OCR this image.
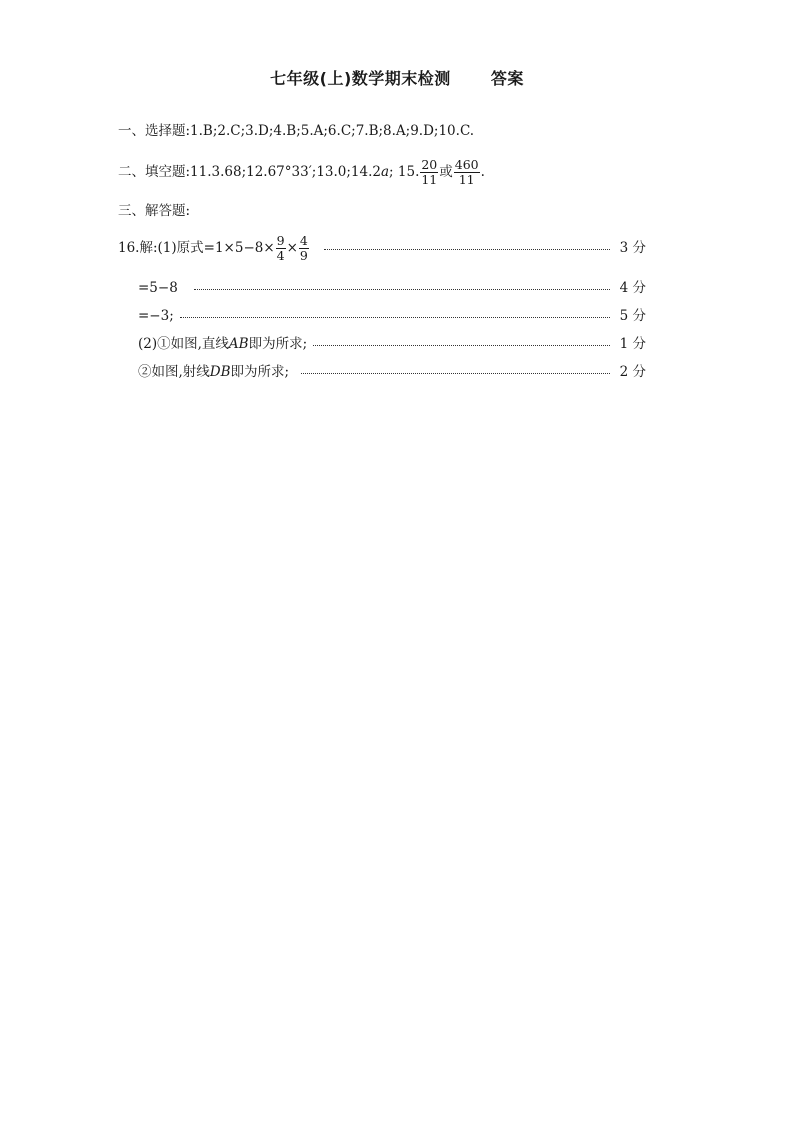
七年级(上)数学期末检测	答案
一、选择题:1.B;2.C;3.D;4.B;5.A;6.C;7.B;8.A;9.D;10.C.
二、填空题:11.3.68;12.67°33′;13.0;14.2 a ; 15. $\frac{20}{11}$ 或 $\frac{460}{11}$ .
三、解答题:
16.解:(1)原式$=1\times 5-8\times \frac{9}{4} \times \frac{4}{9}$	3 分
=5−8	4 分
=−3;	5 分
(2)①如图,直线 AB 即为所求;	1 分
②如图,射线 DB 即为所求;	2 分
